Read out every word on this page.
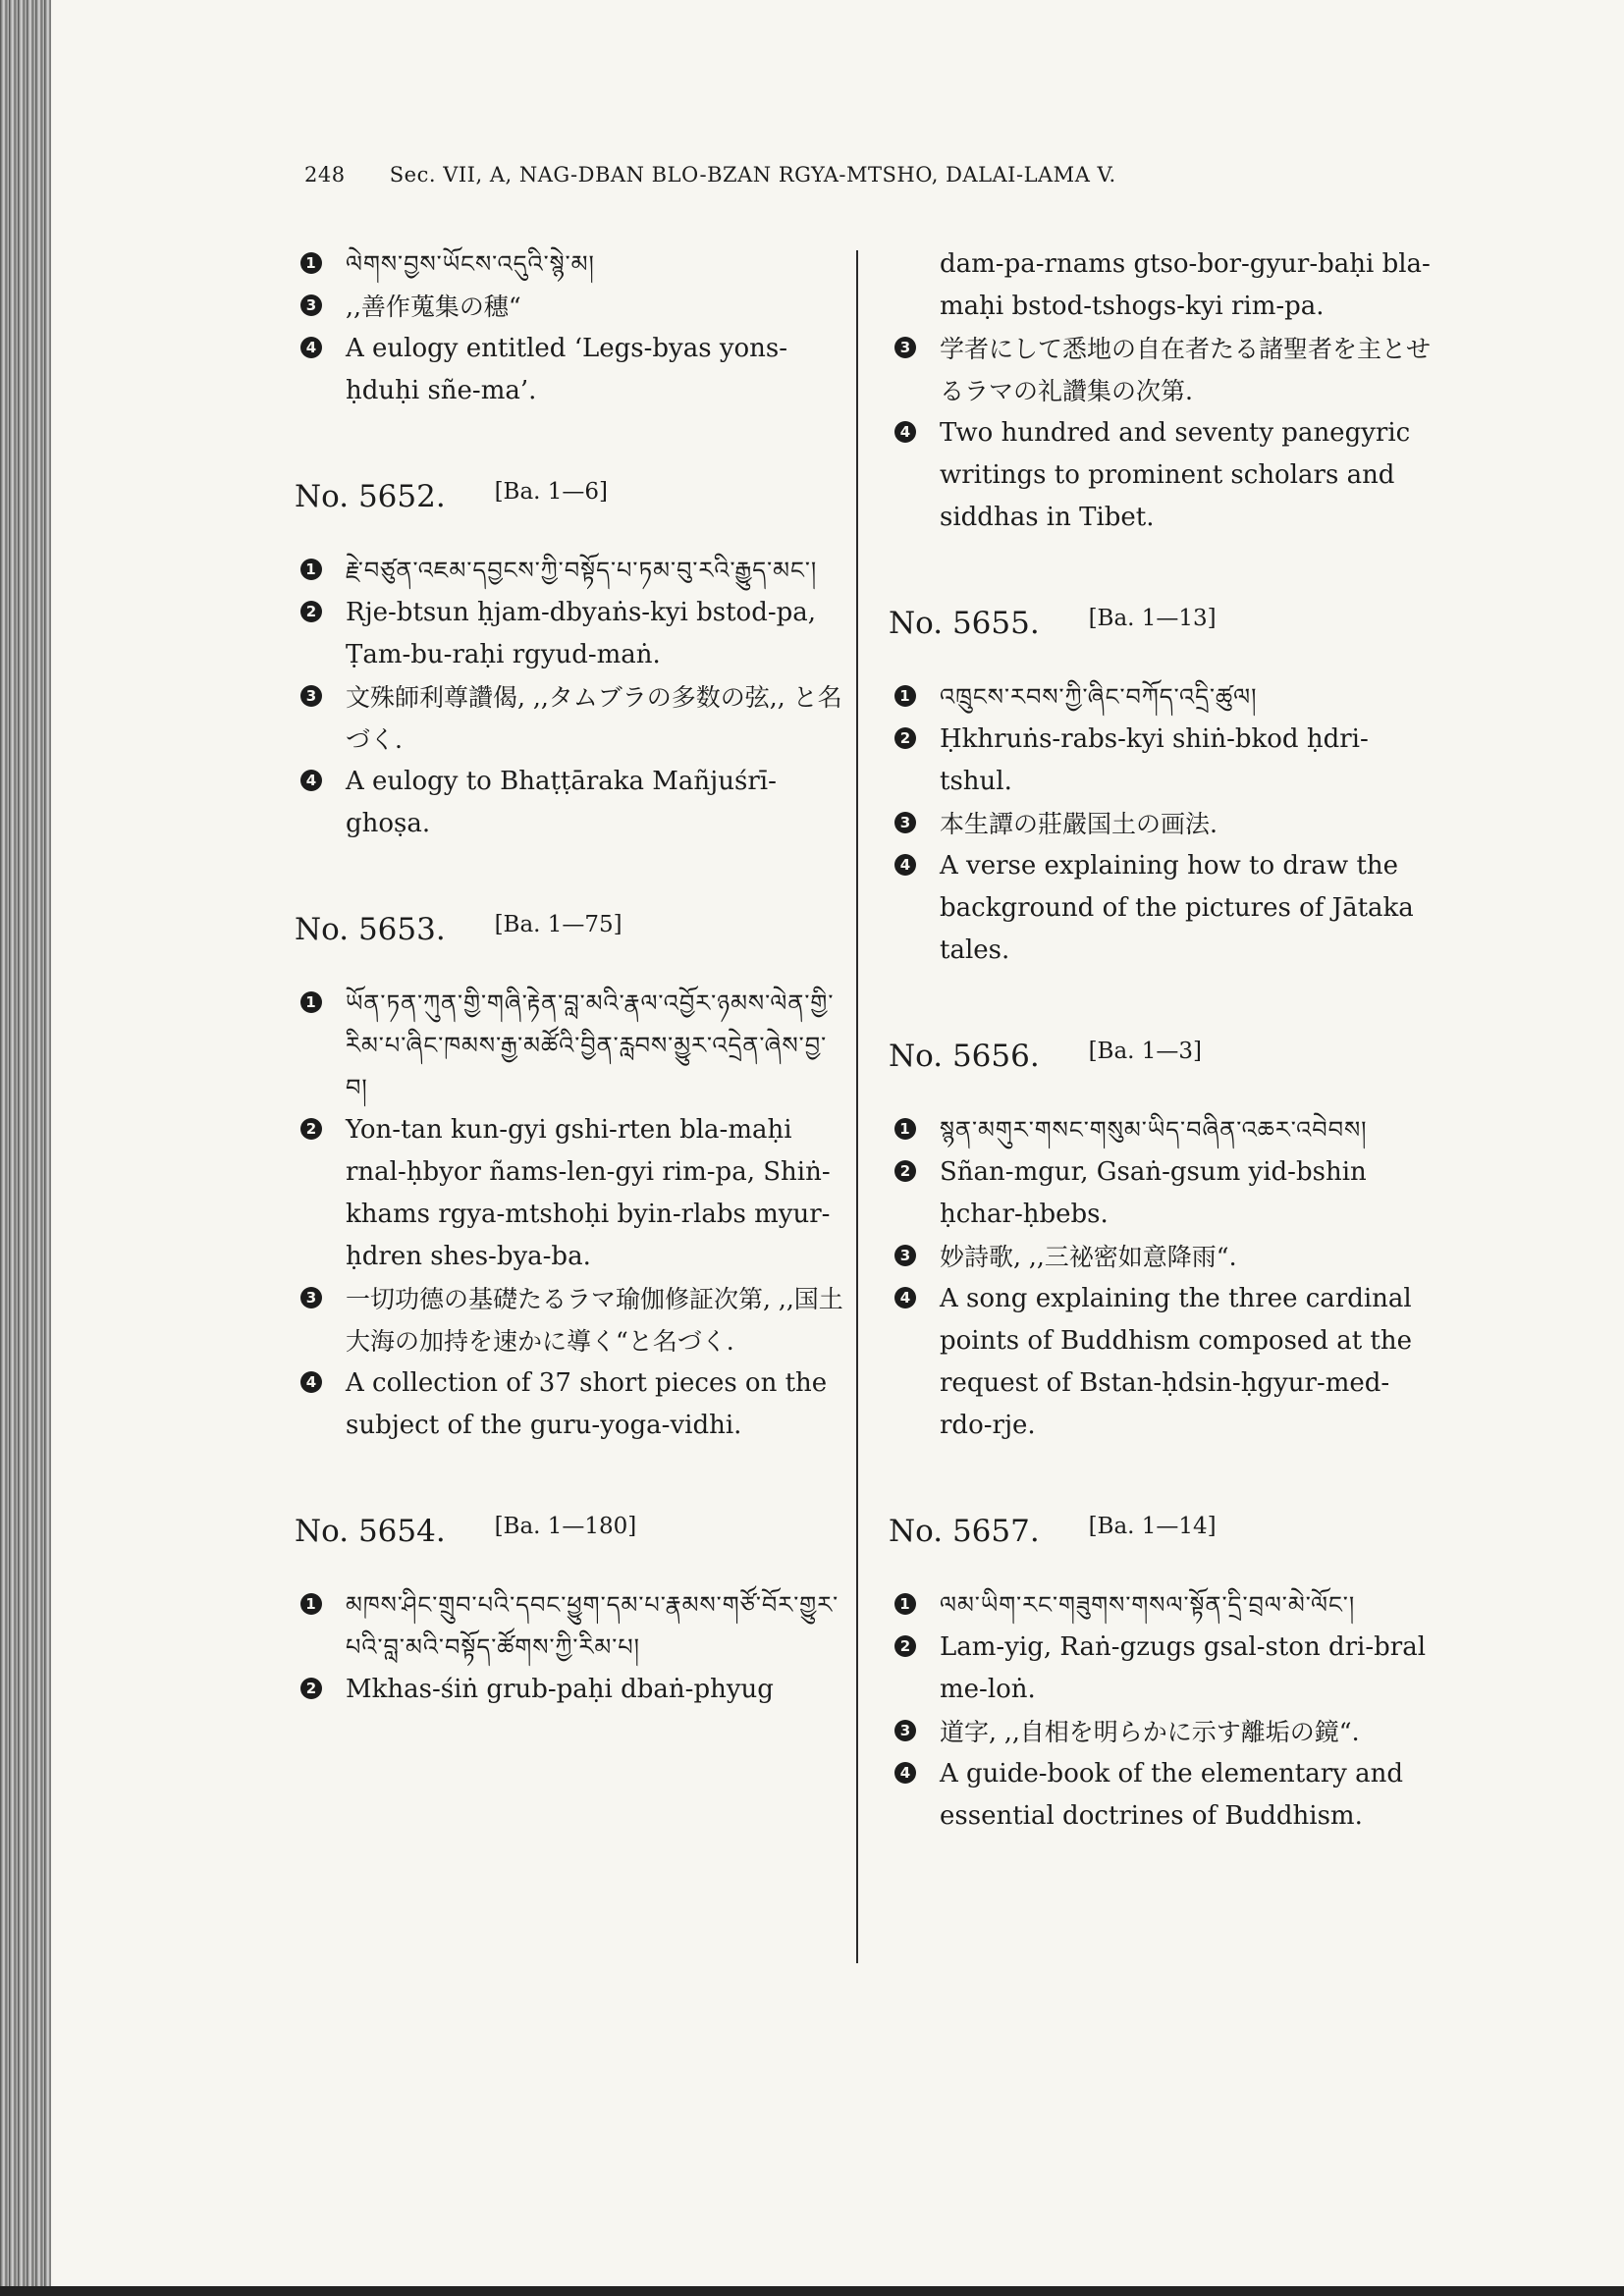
248 Sec. VII, A, NAG-DBAN BLO-BZAN RGYA-MTSHO, DALAI-LAMA V.
1 ལེགས་བྱས་ཡོངས་འདུའི་སྙེ་མ།
3 ,,善作蒐集の穗“
4 A eulogy entitled ‘Legs-byas yons-ḥduḥi sñe-ma’.
No. 5652. [Ba. 1—6]
1 རྗེ་བཙུན་འཇམ་དབྱངས་ཀྱི་བསྟོད་པ་ཏམ་བུ་རའི་རྒྱུད་མང་།
2 Rje-btsun ḥjam-dbyaṅs-kyi bstod-pa, Ṭam-bu-raḥi rgyud-maṅ.
3 文殊師利尊讚偈, ,,タムブラの多数の弦,, と名づく.
4 A eulogy to Bhaṭṭāraka Mañjuśrī-ghoṣa.
No. 5653. [Ba. 1—75]
1 ཡོན་ཏན་ཀུན་གྱི་གཞི་རྟེན་བླ་མའི་རྣལ་འབྱོར་ཉམས་ལེན་གྱི་རིམ་པ་ཞིང་ཁམས་རྒྱ་མཚོའི་བྱིན་རླབས་མྱུར་འདྲེན་ཞེས་བྱ་བ།
2 Yon-tan kun-gyi gshi-rten bla-maḥi rnal-ḥbyor ñams-len-gyi rim-pa, Shiṅ-khams rgya-mtshoḥi byin-rlabs myur-ḥdren shes-bya-ba.
3 一切功德の基礎たるラマ瑜伽修証次第, ,,国土大海の加持を速かに導く“と名づく.
4 A collection of 37 short pieces on the subject of the guru-yoga-vidhi.
No. 5654. [Ba. 1—180]
1 མཁས་ཤིང་གྲུབ་པའི་དབང་ཕྱུག་དམ་པ་རྣམས་གཙོ་བོར་གྱུར་པའི་བླ་མའི་བསྟོད་ཚོགས་ཀྱི་རིམ་པ།
2 Mkhas-śiṅ grub-paḥi dbaṅ-phyug
dam-pa-rnams gtso-bor-gyur-baḥi bla-maḥi bstod-tshogs-kyi rim-pa.
3 学者にして悉地の自在者たる諸聖者を主とせるラマの礼讚集の次第.
4 Two hundred and seventy panegyric writings to prominent scholars and siddhas in Tibet.
No. 5655. [Ba. 1—13]
1 འཁྲུངས་རབས་ཀྱི་ཞིང་བཀོད་འདྲི་ཚུལ།
2 Ḥkhruṅs-rabs-kyi shiṅ-bkod ḥdri-tshul.
3 本生譚の莊嚴国土の画法.
4 A verse explaining how to draw the background of the pictures of Jātaka tales.
No. 5656. [Ba. 1—3]
1 སྙན་མགུར་གསང་གསུམ་ཡིད་བཞིན་འཆར་འབེབས།
2 Sñan-mgur, Gsaṅ-gsum yid-bshin ḥchar-ḥbebs.
3 妙詩歌, ,,三祕密如意降雨“.
4 A song explaining the three cardinal points of Buddhism composed at the request of Bstan-ḥdsin-ḥgyur-med-rdo-rje.
No. 5657. [Ba. 1—14]
1 ལམ་ཡིག་རང་གཟུགས་གསལ་སྟོན་དྲི་བྲལ་མེ་ལོང་།
2 Lam-yig, Raṅ-gzugs gsal-ston dri-bral me-loṅ.
3 道字, ,,自相を明らかに示す離垢の鏡“.
4 A guide-book of the elementary and essential doctrines of Buddhism.
